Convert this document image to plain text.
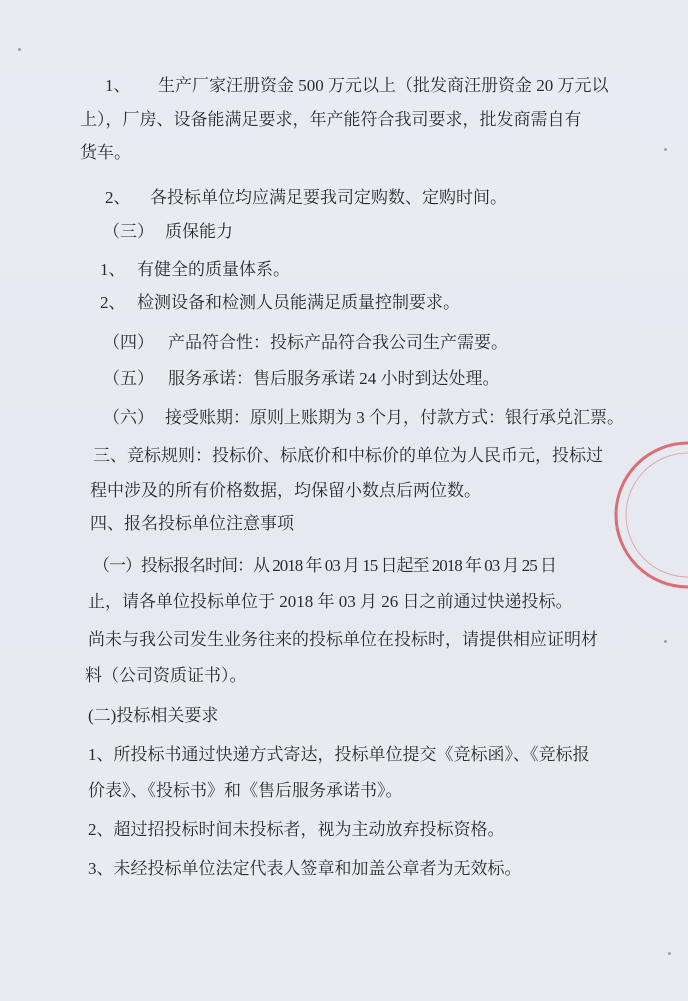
1、 生产厂家汪册资金 500 万元以上（批发商汪册资金 20 万元以
上），厂房、设备能满足要求，年产能符合我司要求，批发商需自有
货车。
2、 各投标单位均应满足要我司定购数、定购时间。
（三） 质保能力
1、 有健全的质量体系。
2、 检测设备和检测人员能满足质量控制要求。
（四） 产品符合性：投标产品符合我公司生产需要。
（五） 服务承诺：售后服务承诺 24 小时到达处理。
（六） 接受账期：原则上账期为 3 个月，付款方式：银行承兑汇票。
三、竞标规则：投标价、标底价和中标价的单位为人民币元，投标过
程中涉及的所有价格数据，均保留小数点后两位数。
四、报名投标单位注意事项
（一）投标报名时间：从 2018 年 03 月 15 日起至 2018 年 03 月 25 日
止，请各单位投标单位于 2018 年 03 月 26 日之前通过快递投标。
尚未与我公司发生业务往来的投标单位在投标时，请提供相应证明材
料（公司资质证书）。
(二)投标相关要求
1、所投标书通过快递方式寄达，投标单位提交《竞标函》、《竞标报
价表》、《投标书》和《售后服务承诺书》。
2、超过招投标时间未投标者，视为主动放弃投标资格。
3、未经投标单位法定代表人签章和加盖公章者为无效标。
